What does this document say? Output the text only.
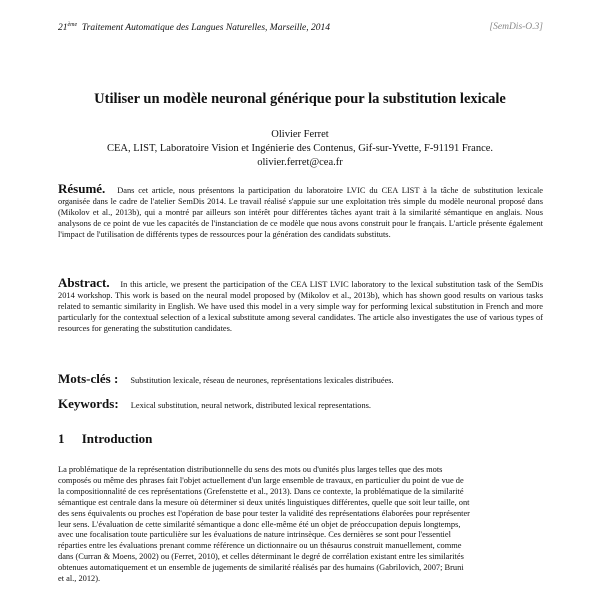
21ème Traitement Automatique des Langues Naturelles, Marseille, 2014	[SemDis-O.3]
Utiliser un modèle neuronal générique pour la substitution lexicale
Olivier Ferret
CEA, LIST, Laboratoire Vision et Ingénierie des Contenus, Gif-sur-Yvette, F-91191 France.
olivier.ferret@cea.fr
Résumé. Dans cet article, nous présentons la participation du laboratoire LVIC du CEA LIST à la tâche de substitution lexicale organisée dans le cadre de l'atelier SemDis 2014. Le travail réalisé s'appuie sur une exploitation très simple du modèle neuronal proposé dans (Mikolov et al., 2013b), qui a montré par ailleurs son intérêt pour différentes tâches ayant trait à la similarité sémantique en anglais. Nous analysons de ce point de vue les capacités de l'instanciation de ce modèle que nous avons construit pour le français. L'article présente également l'impact de l'utilisation de différents types de ressources pour la génération des candidats substituts.
Abstract. In this article, we present the participation of the CEA LIST LVIC laboratory to the lexical substitution task of the SemDis 2014 workshop. This work is based on the neural model proposed by (Mikolov et al., 2013b), which has shown good results on various tasks related to semantic similarity in English. We have used this model in a very simple way for performing lexical substitution in French and more particularly for the contextual selection of a lexical substitute among several candidates. The article also investigates the use of various types of resources for generating the substitution candidates.
Mots-clés : Substitution lexicale, réseau de neurones, représentations lexicales distribuées.
Keywords: Lexical substitution, neural network, distributed lexical representations.
1 Introduction
La problématique de la représentation distributionnelle du sens des mots ou d'unités plus larges telles que des mots
composés ou même des phrases fait l'objet actuellement d'un large ensemble de travaux, en particulier du point de vue de
la compositionnalité de ces représentations (Grefenstette et al., 2013). Dans ce contexte, la problématique de la similarité
sémantique est centrale dans la mesure où déterminer si deux unités linguistiques différentes, quelle que soit leur taille, ont
des sens équivalents ou proches est l'opération de base pour tester la validité des représentations élaborées pour représenter
leur sens. L'évaluation de cette similarité sémantique a donc elle-même été un objet de préoccupation depuis longtemps,
avec une focalisation toute particulière sur les évaluations de nature intrinsèque. Ces dernières se sont pour l'essentiel
réparties entre les évaluations prenant comme référence un dictionnaire ou un thésaurus construit manuellement, comme
dans (Curran & Moens, 2002) ou (Ferret, 2010), et celles déterminant le degré de corrélation existant entre les similarités
obtenues automatiquement et un ensemble de jugements de similarité réalisés par des humains (Gabrilovich, 2007; Bruni
et al., 2012).
